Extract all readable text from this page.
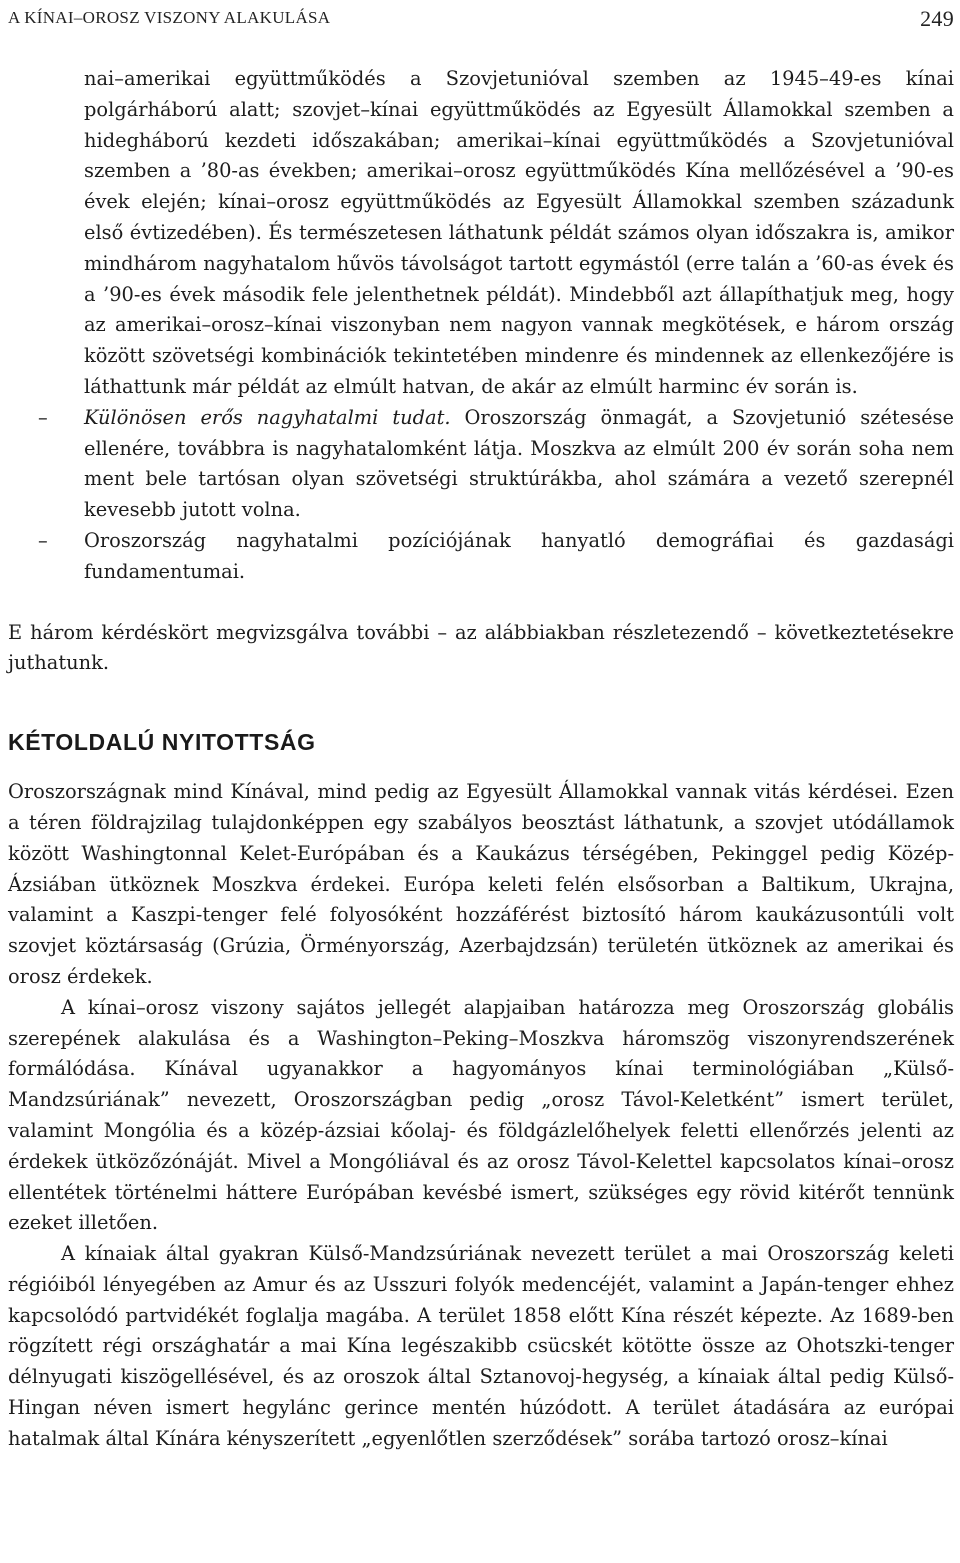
A KÍNAI–OROSZ VISZONY ALAKULÁSA	249

nai–amerikai együttműködés a Szovjetunióval szemben az 1945–49-es kínai polgárháború alatt; szovjet–kínai együttműködés az Egyesült Államokkal szemben a hidegháború kezdeti időszakában; amerikai–kínai együttműködés a Szovjetunióval szemben a ’80-as években; amerikai–orosz együttműködés Kína mellőzésével a ’90-es évek elején; kínai–orosz együttműködés az Egyesült Államokkal szemben századunk első évtizedében). És természetesen láthatunk példát számos olyan időszakra is, amikor mindhárom nagyhatalom hűvös távolságot tartott egymástól (erre talán a ’60-as évek és a ’90-es évek második fele jelenthetnek példát). Mindebből azt állapíthatjuk meg, hogy az amerikai–orosz–kínai viszonyban nem nagyon vannak megkötések, e három ország között szövetségi kombinációk tekintetében mindenre és mindennek az ellenkezőjére is láthattunk már példát az elmúlt hatvan, de akár az elmúlt harminc év során is.

– Különösen erős nagyhatalmi tudat. Oroszország önmagát, a Szovjetunió szétesése ellenére, továbbra is nagyhatalomként látja. Moszkva az elmúlt 200 év során soha nem ment bele tartósan olyan szövetségi struktúrákba, ahol számára a vezető szerepnél kevesebb jutott volna.

– Oroszország nagyhatalmi pozíciójának hanyatló demográfiai és gazdasági fundamentumai.

E három kérdéskört megvizsgálva további – az alábbiakban részletezendő – következtetésekre juthatunk.

KÉTOLDALÚ NYITOTTSÁG

Oroszországnak mind Kínával, mind pedig az Egyesült Államokkal vannak vitás kérdései. Ezen a téren földrajzilag tulajdonképpen egy szabályos beosztást láthatunk, a szovjet utódállamok között Washingtonnal Kelet-Európában és a Kaukázus térségében, Pekinggel pedig Közép-Ázsiában ütköznek Moszkva érdekei. Európa keleti felén elsősorban a Baltikum, Ukrajna, valamint a Kaszpi-tenger felé folyosóként hozzáférést biztosító három kaukázusontúli volt szovjet köztársaság (Grúzia, Örményország, Azerbajdzsán) területén ütköznek az amerikai és orosz érdekek.

A kínai–orosz viszony sajátos jellegét alapjaiban határozza meg Oroszország globális szerepének alakulása és a Washington–Peking–Moszkva háromszög viszonyrendszerének formálódása. Kínával ugyanakkor a hagyományos kínai terminológiában „Külső-Mandzsúriának” nevezett, Oroszországban pedig „orosz Távol-Keletként” ismert terület, valamint Mongólia és a közép-ázsiai kőolaj- és földgázlelőhelyek feletti ellenőrzés jelenti az érdekek ütközőzónáját. Mivel a Mongóliával és az orosz Távol-Kelettel kapcsolatos kínai–orosz ellentétek történelmi háttere Európában kevésbé ismert, szükséges egy rövid kitérőt tennünk ezeket illetően.

A kínaiak által gyakran Külső-Mandzsúriának nevezett terület a mai Oroszország keleti régióiból lényegében az Amur és az Usszuri folyók medencéjét, valamint a Japán-tenger ehhez kapcsolódó partvidékét foglalja magába. A terület 1858 előtt Kína részét képezte. Az 1689-ben rögzített régi országhatár a mai Kína legészakibb csücskét kötötte össze az Ohotszki-tenger délnyugati kiszögellésével, és az oroszok által Sztanovoj-hegység, a kínaiak által pedig Külső-Hingan néven ismert hegylánc gerince mentén húzódott. A terület átadására az európai hatalmak által Kínára kényszerített „egyenlőtlen szerződések” sorába tartozó orosz–kínai
